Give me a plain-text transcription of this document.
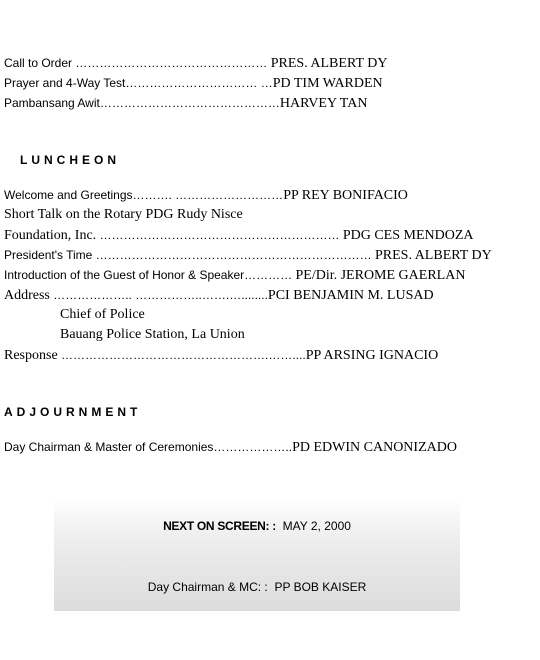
Call to Order ………………………………………… PRES. ALBERT DY
Prayer and 4-Way Test…………………………… …PD TIM WARDEN
Pambansang Awit………………………………………HARVEY TAN
LUNCHEON
Welcome and Greetings………. ………………………PP REY BONIFACIO
Short Talk on the Rotary PDG Rudy Nisce
Foundation, Inc. …………………………………………………… PDG CES MENDOZA
President's Time …………………………………………………………… PRES. ALBERT DY
Introduction of the Guest of Honor & Speaker………… PE/Dir. JEROME GAERLAN
Address ……………….. ……………..…….…........PCI BENJAMIN M. LUSAD
Chief of Police
Bauang Police Station, La Union
Response …………………………………………….……....PP ARSING IGNACIO
ADJOURNMENT
Day Chairman & Master of Ceremonies………………..PD EDWIN CANONIZADO
NEXT ON SCREEN: : MAY 2, 2000
Day Chairman & MC: : PP BOB KAISER
